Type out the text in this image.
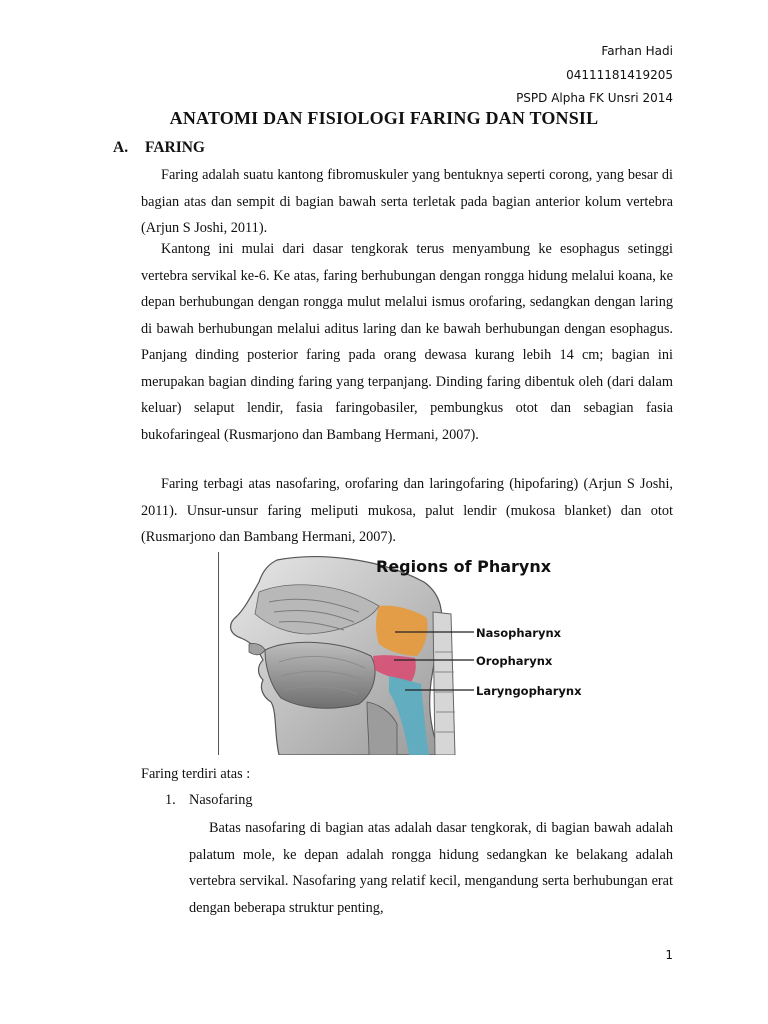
Farhan Hadi
04111181419205
PSPD Alpha FK Unsri 2014
ANATOMI DAN FISIOLOGI FARING DAN TONSIL
A. FARING

Faring adalah suatu kantong fibromuskuler yang bentuknya seperti corong, yang besar di bagian atas dan sempit di bagian bawah serta terletak pada bagian anterior kolum vertebra (Arjun S Joshi, 2011).

Kantong ini mulai dari dasar tengkorak terus menyambung ke esophagus setinggi vertebra servikal ke-6. Ke atas, faring berhubungan dengan rongga hidung melalui koana, ke depan berhubungan dengan rongga mulut melalui ismus orofaring, sedangkan dengan laring di bawah berhubungan melalui aditus laring dan ke bawah berhubungan dengan esophagus. Panjang dinding posterior faring pada orang dewasa kurang lebih 14 cm; bagian ini merupakan bagian dinding faring yang terpanjang. Dinding faring dibentuk oleh (dari dalam keluar) selaput lendir, fasia faringobasiler, pembungkus otot dan sebagian fasia bukofaringeal (Rusmarjono dan Bambang Hermani, 2007).

Faring terbagi atas nasofaring, orofaring dan laringofaring (hipofaring) (Arjun S Joshi, 2011). Unsur-unsur faring meliputi mukosa, palut lendir (mukosa blanket) dan otot (Rusmarjono dan Bambang Hermani, 2007).

Regions of Pharynx
Nasopharynx
Oropharynx
Laryngopharynx
Faring terdiri atas :
1. Nasofaring

Batas nasofaring di bagian atas adalah dasar tengkorak, di bagian bawah adalah palatum mole, ke depan adalah rongga hidung sedangkan ke belakang adalah vertebra servikal. Nasofaring yang relatif kecil, mengandung serta berhubungan erat dengan beberapa struktur penting,

1
